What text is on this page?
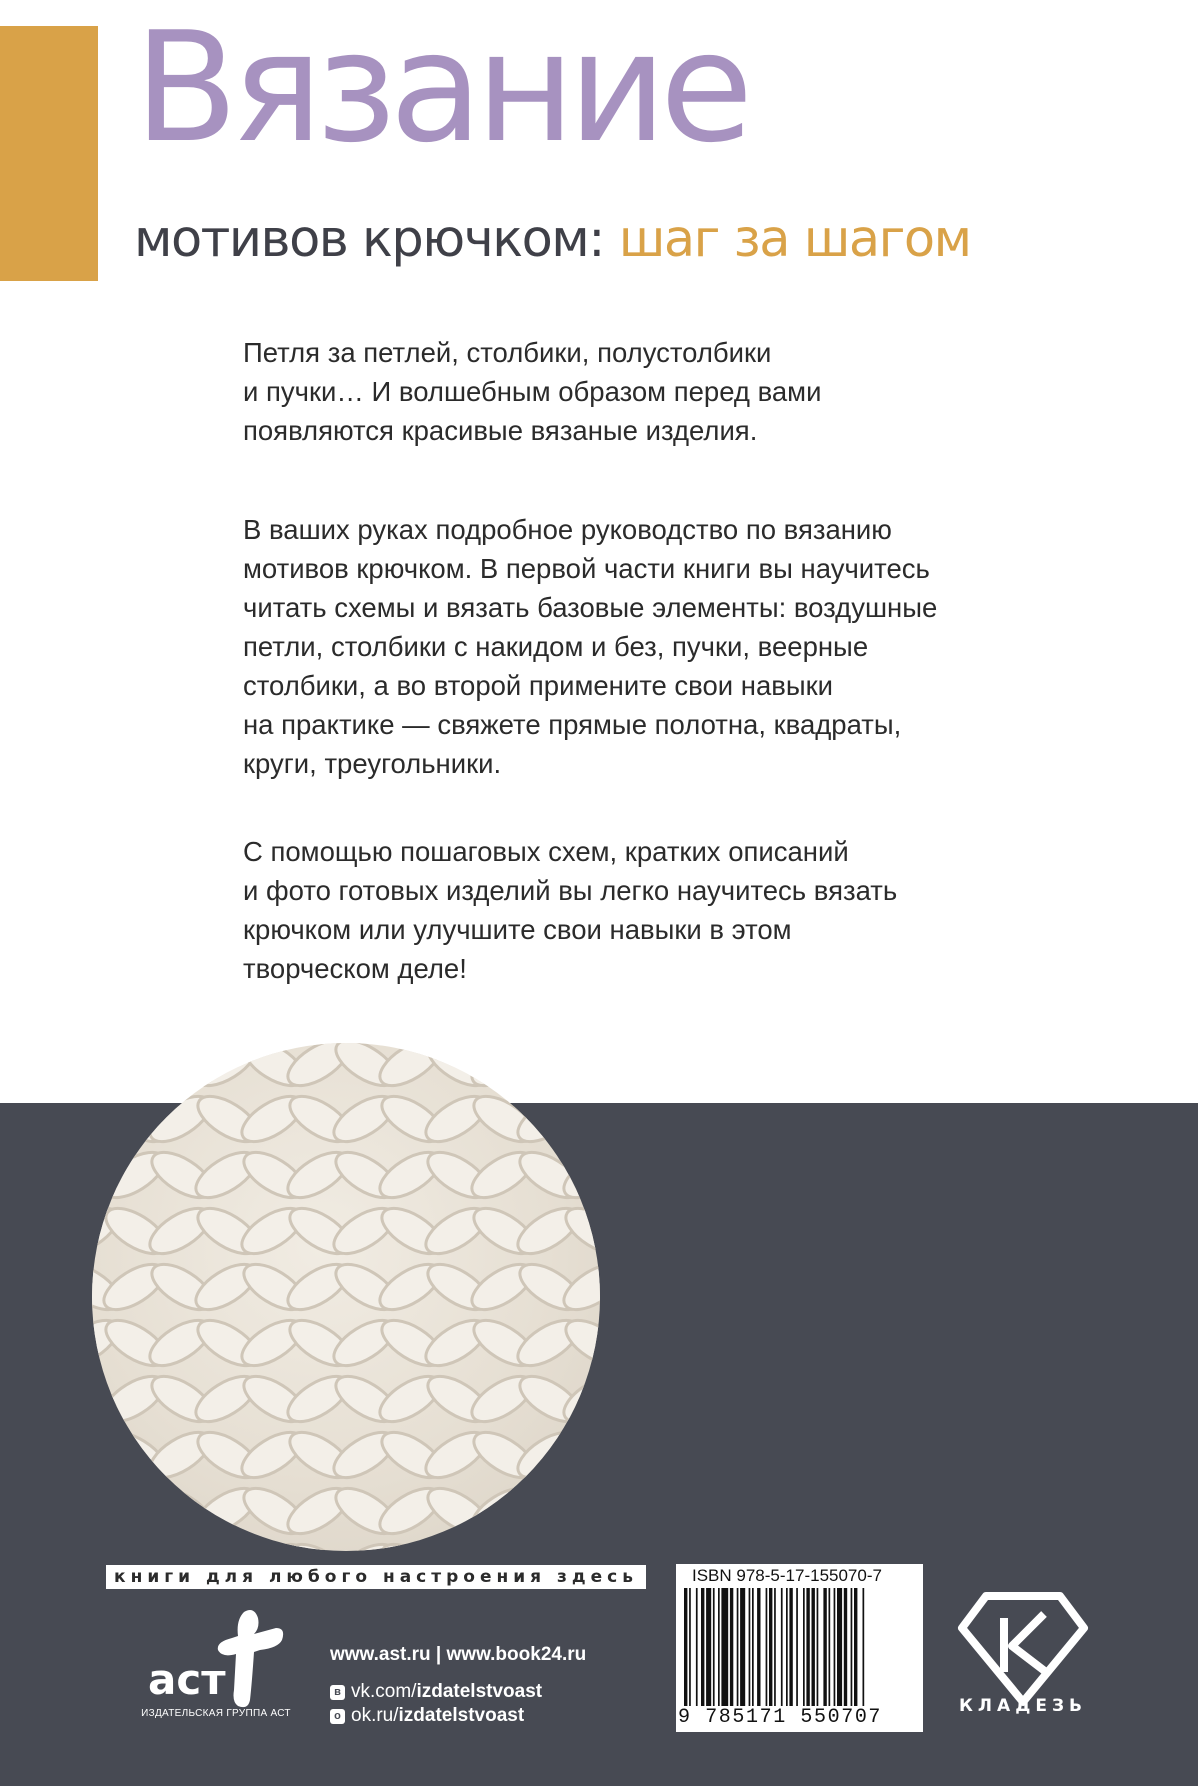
Вязание
мотивов крючком: шаг за шагом
Петля за петлей, столбики, полустолбики
и пучки… И волшебным образом перед вами
появляются красивые вязаные изделия.
В ваших руках подробное руководство по вязанию
мотивов крючком. В первой части книги вы научитесь
читать схемы и вязать базовые элементы: воздушные
петли, столбики с накидом и без, пучки, веерные
столбики, а во второй примените свои навыки
на практике — свяжете прямые полотна, квадраты,
круги, треугольники.
С помощью пошаговых схем, кратких описаний
и фото готовых изделий вы легко научитесь вязать
крючком или улучшите свои навыки в этом
творческом деле!
книги для любого настроения здесь
аст
ИЗДАТЕЛЬСКАЯ ГРУППА АСТ
www.ast.ru | www.book24.ru
в vk.com/ izdatelstvoast
о ok.ru/ izdatelstvoast
ISBN 978-5-17-155070-7
9 785171 550707	КЛАДЕЗЬ
